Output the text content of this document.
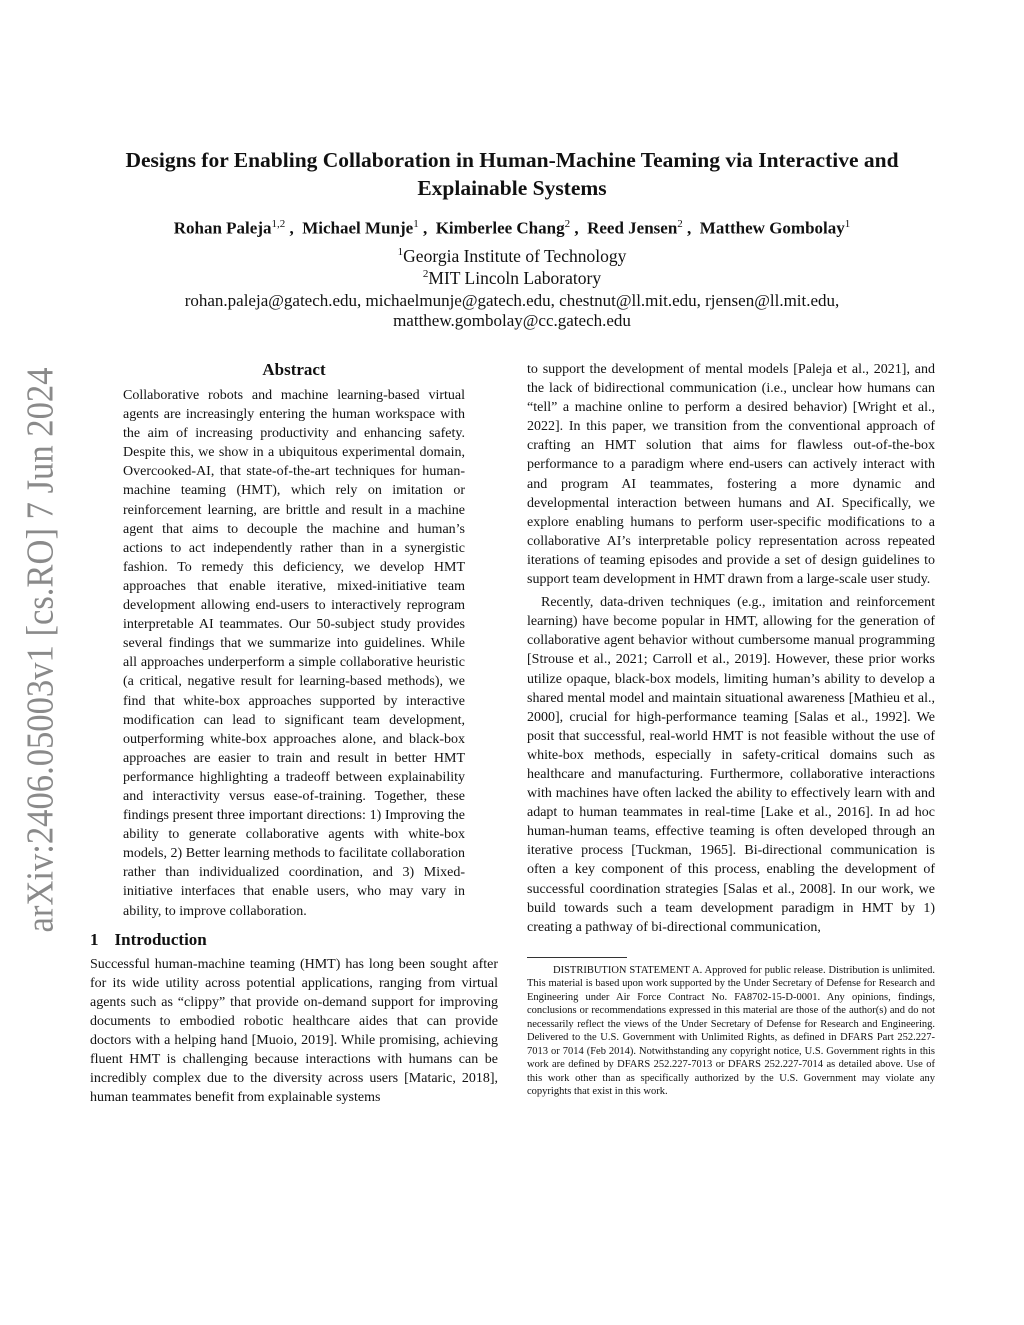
arXiv:2406.05003v1 [cs.RO] 7 Jun 2024
Designs for Enabling Collaboration in Human-Machine Teaming via Interactive and Explainable Systems
Rohan Paleja$^{1,2}$ ,  Michael Munje$^1$ ,  Kimberlee Chang$^2$ ,  Reed Jensen$^2$ ,  Matthew Gombolay$^1$
$^1$Georgia Institute of Technology
$^2$MIT Lincoln Laboratory
rohan.paleja@gatech.edu, michaelmunje@gatech.edu, chestnut@ll.mit.edu, rjensen@ll.mit.edu, matthew.gombolay@cc.gatech.edu
Abstract

Collaborative robots and machine learning-based virtual agents are increasingly entering the human workspace with the aim of increasing productivity and enhancing safety. Despite this, we show in a ubiquitous experimental domain, Overcooked-AI, that state-of-the-art techniques for human-machine teaming (HMT), which rely on imitation or reinforcement learning, are brittle and result in a machine agent that aims to decouple the machine and human’s actions to act independently rather than in a synergistic fashion. To remedy this deficiency, we develop HMT approaches that enable iterative, mixed-initiative team development allowing end-users to interactively reprogram interpretable AI teammates. Our 50-subject study provides several findings that we summarize into guidelines. While all approaches underperform a simple collaborative heuristic (a critical, negative result for learning-based methods), we find that white-box approaches supported by interactive modification can lead to significant team development, outperforming white-box approaches alone, and black-box approaches are easier to train and result in better HMT performance highlighting a tradeoff between explainability and interactivity versus ease-of-training. Together, these findings present three important directions: 1) Improving the ability to generate collaborative agents with white-box models, 2) Better learning methods to facilitate collaboration rather than individualized coordination, and 3) Mixed-initiative interfaces that enable users, who may vary in ability, to improve collaboration.

1 Introduction

Successful human-machine teaming (HMT) has long been sought after for its wide utility across potential applications, ranging from virtual agents such as “clippy” that provide on-demand support for improving documents to embodied robotic healthcare aides that can provide doctors with a helping hand [Muoio, 2019]. While promising, achieving fluent HMT is challenging because interactions with humans can be incredibly complex due to the diversity across users [Mataric, 2018], human teammates benefit from explainable systems

to support the development of mental models [Paleja et al., 2021], and the lack of bidirectional communication (i.e., unclear how humans can “tell” a machine online to perform a desired behavior) [Wright et al., 2022]. In this paper, we transition from the conventional approach of crafting an HMT solution that aims for flawless out-of-the-box performance to a paradigm where end-users can actively interact with and program AI teammates, fostering a more dynamic and developmental interaction between humans and AI. Specifically, we explore enabling humans to perform user-specific modifications to a collaborative AI’s interpretable policy representation across repeated iterations of teaming episodes and provide a set of design guidelines to support team development in HMT drawn from a large-scale user study.

Recently, data-driven techniques (e.g., imitation and reinforcement learning) have become popular in HMT, allowing for the generation of collaborative agent behavior without cumbersome manual programming [Strouse et al., 2021; Carroll et al., 2019]. However, these prior works utilize opaque, black-box models, limiting human’s ability to develop a shared mental model and maintain situational awareness [Mathieu et al., 2000], crucial for high-performance teaming [Salas et al., 1992]. We posit that successful, real-world HMT is not feasible without the use of white-box methods, especially in safety-critical domains such as healthcare and manufacturing. Furthermore, collaborative interactions with machines have often lacked the ability to effectively learn with and adapt to human teammates in real-time [Lake et al., 2016]. In ad hoc human-human teams, effective teaming is often developed through an iterative process [Tuckman, 1965]. Bi-directional communication is often a key component of this process, enabling the development of successful coordination strategies [Salas et al., 2008]. In our work, we build towards such a team development paradigm in HMT by 1) creating a pathway of bi-directional communication,

DISTRIBUTION STATEMENT A. Approved for public release. Distribution is unlimited. This material is based upon work supported by the Under Secretary of Defense for Research and Engineering under Air Force Contract No. FA8702-15-D-0001. Any opinions, findings, conclusions or recommendations expressed in this material are those of the author(s) and do not necessarily reflect the views of the Under Secretary of Defense for Research and Engineering. Delivered to the U.S. Government with Unlimited Rights, as defined in DFARS Part 252.227-7013 or 7014 (Feb 2014). Notwithstanding any copyright notice, U.S. Government rights in this work are defined by DFARS 252.227-7013 or DFARS 252.227-7014 as detailed above. Use of this work other than as specifically authorized by the U.S. Government may violate any copyrights that exist in this work.
